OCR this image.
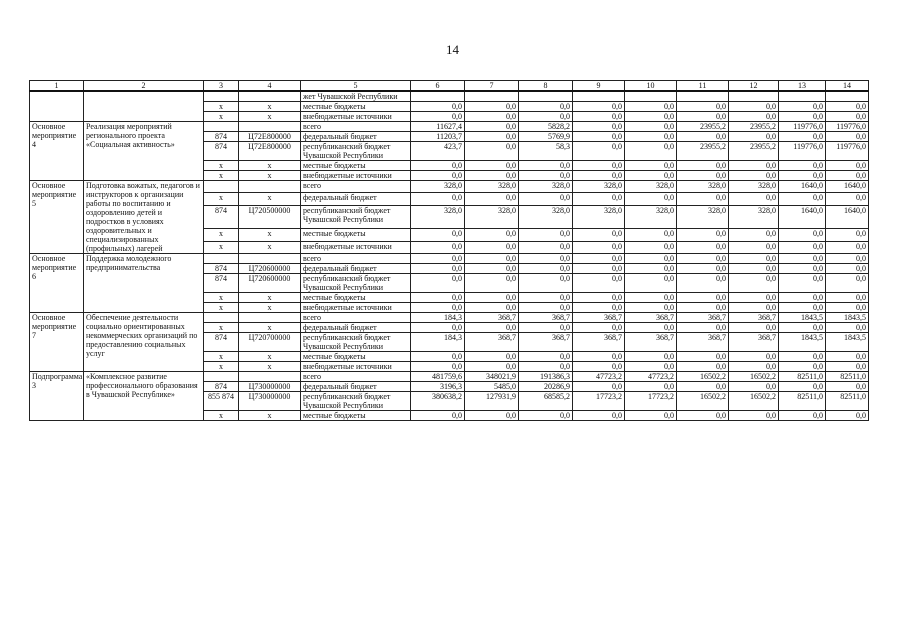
14
1	2	3	4	5	6	7	8	9	10	11	12	13	14
				жет Чувашской Республики									
		x	x	местные бюджеты	0,0	0,0	0,0	0,0	0,0	0,0	0,0	0,0	0,0
		x	x	внебюджетные источники	0,0	0,0	0,0	0,0	0,0	0,0	0,0	0,0	0,0
Основное мероприятие 4	Реализация мероприятий регионального проекта «Социальная активность»			всего	11627,4	0,0	5828,2	0,0	0,0	23955,2	23955,2	119776,0	119776,0
		874	Ц72Е800000	федеральный бюджет	11203,7	0,0	5769,9	0,0	0,0	0,0	0,0	0,0	0,0
		874	Ц72Е800000	республиканский бюджет Чувашской Республики	423,7	0,0	58,3	0,0	0,0	23955,2	23955,2	119776,0	119776,0
		x	x	местные бюджеты	0,0	0,0	0,0	0,0	0,0	0,0	0,0	0,0	0,0
		x	x	внебюджетные источники	0,0	0,0	0,0	0,0	0,0	0,0	0,0	0,0	0,0
Основное мероприятие 5	Подготовка вожатых, педагогов и инструкторов к организации работы по воспитанию и оздоровлению детей и подростков в условиях оздоровительных и специализированных (профильных) лагерей			всего	328,0	328,0	328,0	328,0	328,0	328,0	328,0	1640,0	1640,0
		x	x	федеральный бюджет	0,0	0,0	0,0	0,0	0,0	0,0	0,0	0,0	0,0
		874	Ц720500000	республиканский бюджет Чувашской Республики	328,0	328,0	328,0	328,0	328,0	328,0	328,0	1640,0	1640,0
		x	x	местные бюджеты	0,0	0,0	0,0	0,0	0,0	0,0	0,0	0,0	0,0
		x	x	внебюджетные источники	0,0	0,0	0,0	0,0	0,0	0,0	0,0	0,0	0,0
Основное мероприятие 6	Поддержка молодежного предпринимательства			всего	0,0	0,0	0,0	0,0	0,0	0,0	0,0	0,0	0,0
		874	Ц720600000	федеральный бюджет	0,0	0,0	0,0	0,0	0,0	0,0	0,0	0,0	0,0
		874	Ц720600000	республиканский бюджет Чувашской Республики	0,0	0,0	0,0	0,0	0,0	0,0	0,0	0,0	0,0
		x	x	местные бюджеты	0,0	0,0	0,0	0,0	0,0	0,0	0,0	0,0	0,0
		x	x	внебюджетные источники	0,0	0,0	0,0	0,0	0,0	0,0	0,0	0,0	0,0
Основное мероприятие 7	Обеспечение деятельности социально ориентированных некоммерческих организаций по предоставлению социальных услуг			всего	184,3	368,7	368,7	368,7	368,7	368,7	368,7	1843,5	1843,5
		x	x	федеральный бюджет	0,0	0,0	0,0	0,0	0,0	0,0	0,0	0,0	0,0
		874	Ц720700000	республиканский бюджет Чувашской Республики	184,3	368,7	368,7	368,7	368,7	368,7	368,7	1843,5	1843,5
		x	x	местные бюджеты	0,0	0,0	0,0	0,0	0,0	0,0	0,0	0,0	0,0
		x	x	внебюджетные источники	0,0	0,0	0,0	0,0	0,0	0,0	0,0	0,0	0,0
Подпрограмма 3	«Комплексное развитие профессионального образования в Чувашской Республике»			всего	481759,6	348021,9	191386,3	47723,2	47723,2	16502,2	16502,2	82511,0	82511,0
		874	Ц730000000	федеральный бюджет	3196,3	5485,0	20286,9	0,0	0,0	0,0	0,0	0,0	0,0
		855 874	Ц730000000	республиканский бюджет Чувашской Республики	380638,2	127931,9	68585,2	17723,2	17723,2	16502,2	16502,2	82511,0	82511,0
		x	x	местные бюджеты	0,0	0,0	0,0	0,0	0,0	0,0	0,0	0,0	0,0
